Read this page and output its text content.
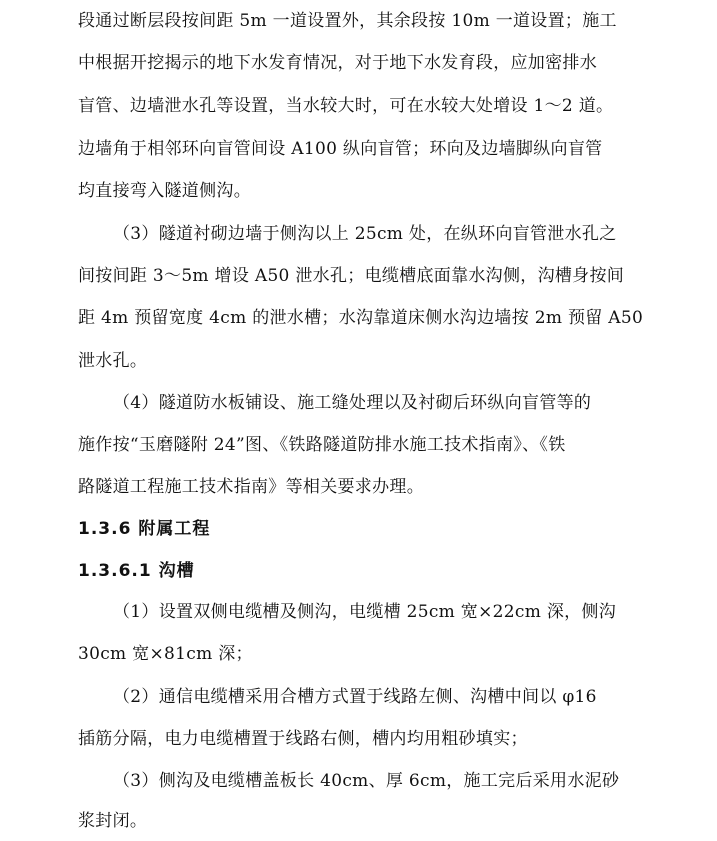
段通过断层段按间距 5m 一道设置外，其余段按 10m 一道设置；施工
中根据开挖揭示的地下水发育情况，对于地下水发育段，应加密排水
盲管、边墙泄水孔等设置，当水较大时，可在水较大处增设 1～2 道。
边墙角于相邻环向盲管间设 A100 纵向盲管；环向及边墙脚纵向盲管
均直接弯入隧道侧沟。
（3）隧道衬砌边墙于侧沟以上 25cm 处，在纵环向盲管泄水孔之
间按间距 3～5m 增设 A50 泄水孔；电缆槽底面靠水沟侧，沟槽身按间
距 4m 预留宽度 4cm 的泄水槽；水沟靠道床侧水沟边墙按 2m 预留 A50
泄水孔。
（4）隧道防水板铺设、施工缝处理以及衬砌后环纵向盲管等的
施作按“玉磨隧附 24”图、《铁路隧道防排水施工技术指南》、《铁
路隧道工程施工技术指南》等相关要求办理。
1.3.6 附属工程
1.3.6.1 沟槽
（1）设置双侧电缆槽及侧沟，电缆槽 25cm 宽×22cm 深，侧沟
30cm 宽×81cm 深；
（2）通信电缆槽采用合槽方式置于线路左侧、沟槽中间以 φ16
插筋分隔，电力电缆槽置于线路右侧，槽内均用粗砂填实；
（3）侧沟及电缆槽盖板长 40cm、厚 6cm，施工完后采用水泥砂
浆封闭。
